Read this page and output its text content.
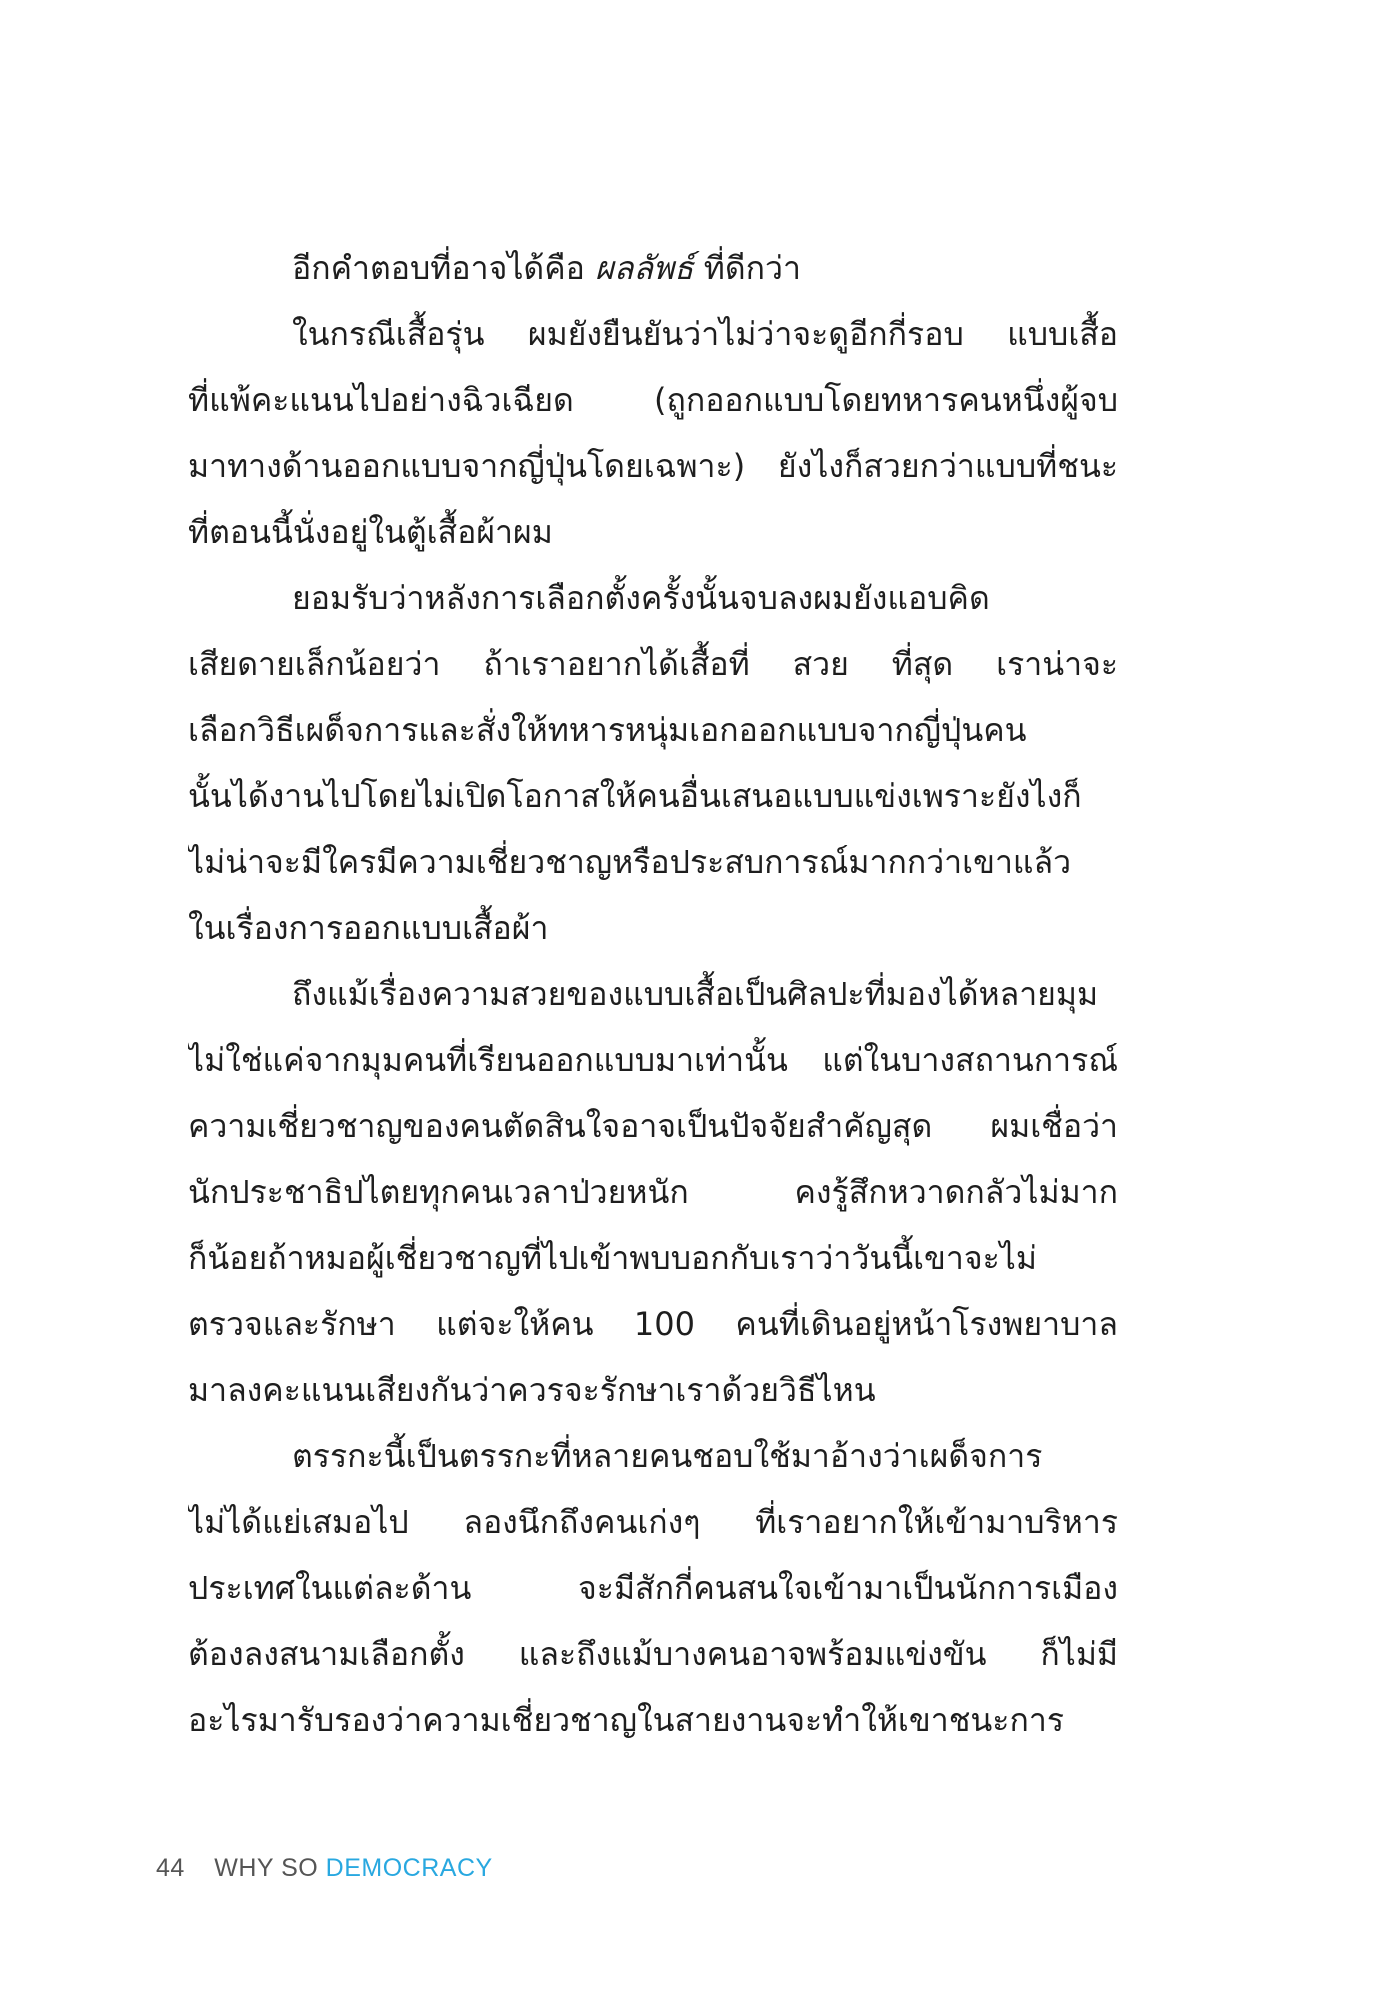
อีกคำตอบที่อาจได้คือ ผลลัพธ์ ที่ดีกว่า
ในกรณีเสื้อรุ่น ผมยังยืนยันว่าไม่ว่าจะดูอีกกี่รอบ แบบเสื้อ
ที่แพ้คะแนนไปอย่างฉิวเฉียด (ถูกออกแบบโดยทหารคนหนึ่งผู้จบ
มาทางด้านออกแบบจากญี่ปุ่นโดยเฉพาะ) ยังไงก็สวยกว่าแบบที่ชนะ
ที่ตอนนี้นั่งอยู่ในตู้เสื้อผ้าผม
ยอมรับว่าหลังการเลือกตั้งครั้งนั้นจบลงผมยังแอบคิด
เสียดายเล็กน้อยว่า ถ้าเราอยากได้เสื้อที่ สวย ที่สุด เราน่าจะ
เลือกวิธีเผด็จการและสั่งให้ทหารหนุ่มเอกออกแบบจากญี่ปุ่นคน
นั้นได้งานไปโดยไม่เปิดโอกาสให้คนอื่นเสนอแบบแข่งเพราะยังไงก็
ไม่น่าจะมีใครมีความเชี่ยวชาญหรือประสบการณ์มากกว่าเขาแล้ว
ในเรื่องการออกแบบเสื้อผ้า
ถึงแม้เรื่องความสวยของแบบเสื้อเป็นศิลปะที่มองได้หลายมุม
ไม่ใช่แค่จากมุมคนที่เรียนออกแบบมาเท่านั้น แต่ในบางสถานการณ์
ความเชี่ยวชาญของคนตัดสินใจอาจเป็นปัจจัยสำคัญสุด ผมเชื่อว่า
นักประชาธิปไตยทุกคนเวลาป่วยหนัก คงรู้สึกหวาดกลัวไม่มาก
ก็น้อยถ้าหมอผู้เชี่ยวชาญที่ไปเข้าพบบอกกับเราว่าวันนี้เขาจะไม่
ตรวจและรักษา แต่จะให้คน 100 คนที่เดินอยู่หน้าโรงพยาบาล
มาลงคะแนนเสียงกันว่าควรจะรักษาเราด้วยวิธีไหน
ตรรกะนี้เป็นตรรกะที่หลายคนชอบใช้มาอ้างว่าเผด็จการ
ไม่ได้แย่เสมอไป ลองนึกถึงคนเก่งๆ ที่เราอยากให้เข้ามาบริหาร
ประเทศในแต่ละด้าน จะมีสักกี่คนสนใจเข้ามาเป็นนักการเมือง
ต้องลงสนามเลือกตั้ง และถึงแม้บางคนอาจพร้อมแข่งขัน ก็ไม่มี
อะไรมารับรองว่าความเชี่ยวชาญในสายงานจะทำให้เขาชนะการ
44 WHY SO DEMOCRACY
